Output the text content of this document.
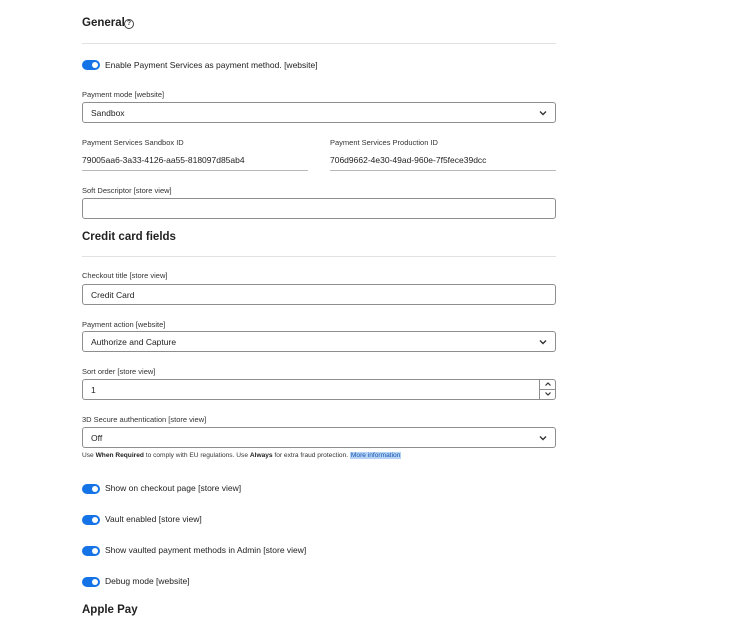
General ?
Enable Payment Services as payment method. [website]
Payment mode [website]
Sandbox
Payment Services Sandbox ID
79005aa6-3a33-4126-aa55-818097d85ab4
Payment Services Production ID
706d9662-4e30-49ad-960e-7f5fece39dcc
Soft Descriptor [store view]
Credit card fields
Checkout title [store view]
Credit Card
Payment action [website]
Authorize and Capture
Sort order [store view]
1
3D Secure authentication [store view]
Off
Use When Required to comply with EU regulations. Use Always for extra fraud protection. More information
Show on checkout page [store view]
Vault enabled [store view]
Show vaulted payment methods in Admin [store view]
Debug mode [website]
Apple Pay
